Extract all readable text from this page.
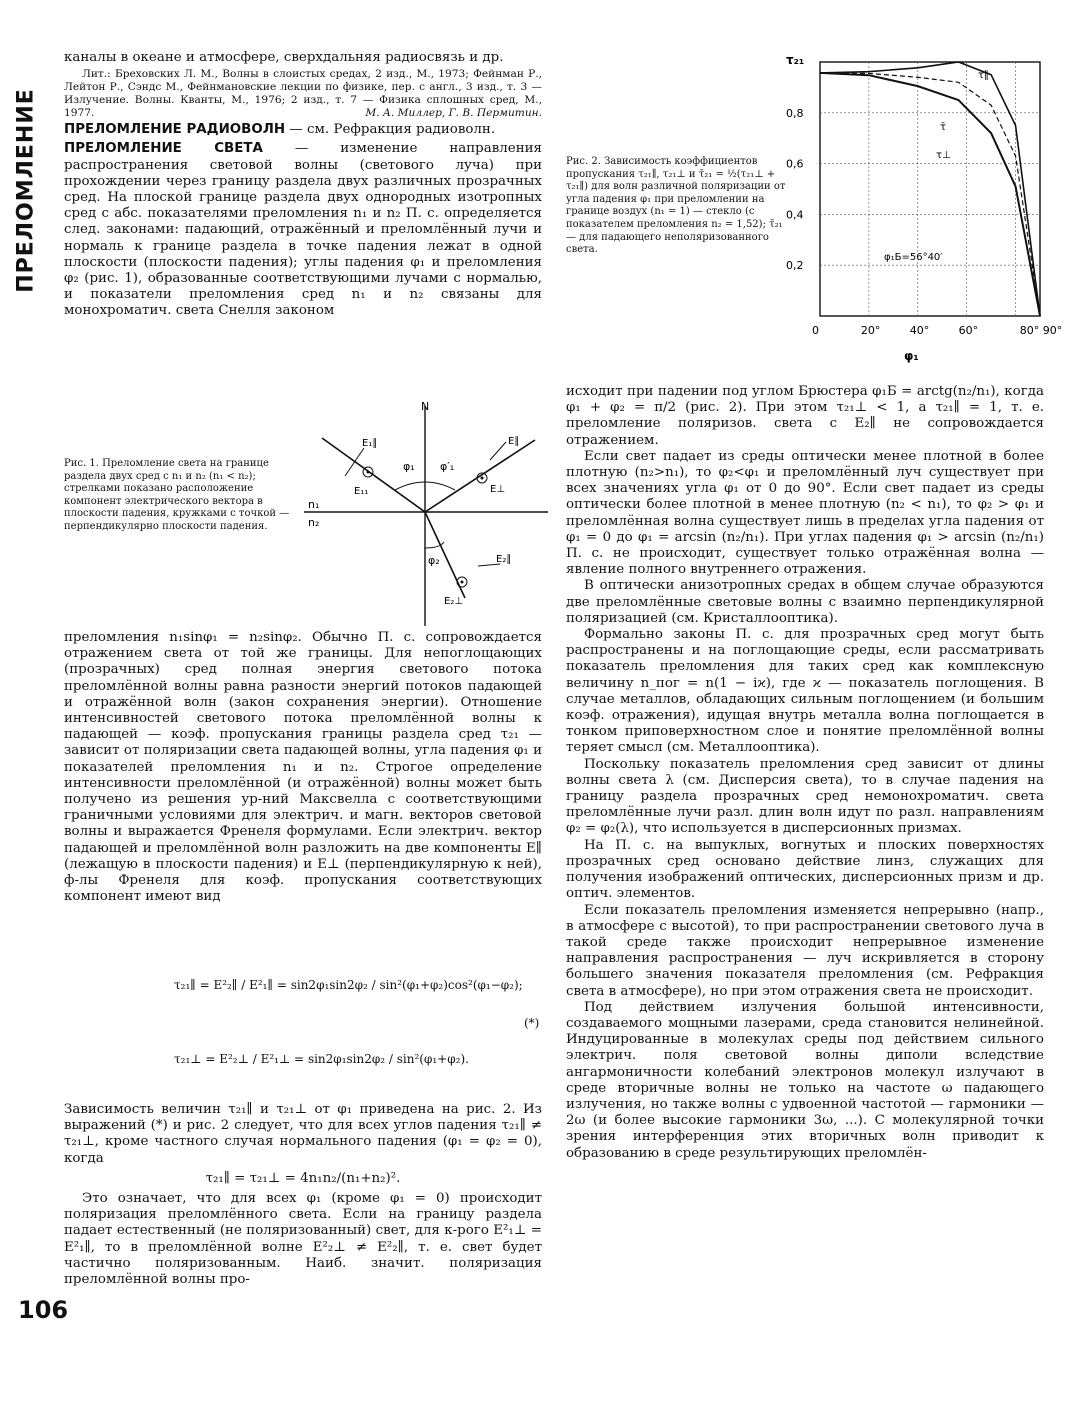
ПРЕЛОМЛЕНИЕ

каналы в океане и атмосфере, сверхдальняя радиосвязь и др.

Лит.: Бреховских Л. М., Волны в слоистых средах, 2 изд., М., 1973; Фейнман Р., Лейтон Р., Сэндс М., Фейнмановские лекции по физике, пер. с англ., 3 изд., т. 3 — Излучение. Волны. Кванты, М., 1976; 2 изд., т. 7 — Физика сплошных сред, М., 1977.	М. А. Миллер, Г. В. Пермитин.

ПРЕЛОМЛЕНИЕ РАДИОВОЛН — см. Рефракция радиоволн.

ПРЕЛОМЛЕНИЕ СВЕТА — изменение направления распространения световой волны (светового луча) при прохождении через границу раздела двух различных прозрачных сред. На плоской границе раздела двух однородных изотропных сред с абс. показателями преломления n₁ и n₂ П. с. определяется след. законами: падающий, отражённый и преломлённый лучи и нормаль к границе раздела в точке падения лежат в одной плоскости (плоскости падения); углы падения φ₁ и преломления φ₂ (рис. 1), образованные соответствующими лучами с нормалью, и показатели преломления сред n₁ и n₂ связаны для монохроматич. света Снелля законом

Рис. 1. Преломление света на границе раздела двух сред с n₁ и n₂ (n₁ < n₂); стрелками показано расположение компонент электрического вектора в плоскости падения, кружками с точкой — перпендикулярно плоскости падения.
N
n₁
n₂
φ₁ φ′₁
φ₂
E₁∥
E₁₁
E∥
E⊥
E₂∥
E₂⊥

преломления n₁sinφ₁ = n₂sinφ₂. Обычно П. с. сопровождается отражением света от той же границы. Для непоглощающих (прозрачных) сред полная энергия светового потока преломлённой волны равна разности энергий потоков падающей и отражённой волн (закон сохранения энергии). Отношение интенсивностей светового потока преломлённой волны к падающей — коэф. пропускания границы раздела сред τ₂₁ — зависит от поляризации света падающей волны, угла падения φ₁ и показателей преломления n₁ и n₂. Строгое определение интенсивности преломлённой (и отражённой) волны может быть получено из решения ур-ний Максвелла с соответствующими граничными условиями для электрич. и магн. векторов световой волны и выражается Френеля формулами. Если электрич. вектор падающей и преломлённой волн разложить на две компоненты E∥ (лежащую в плоскости падения) и E⊥ (перпендикулярную к ней), ф-лы Френеля для коэф. пропускания соответствующих компонент имеют вид

τ₂₁∥ = E²₂∥ / E²₁∥ = sin2φ₁sin2φ₂ / sin²(φ₁+φ₂)cos²(φ₁−φ₂);
(*)
τ₂₁⊥ = E²₂⊥ / E²₁⊥ = sin2φ₁sin2φ₂ / sin²(φ₁+φ₂).

Зависимость величин τ₂₁∥ и τ₂₁⊥ от φ₁ приведена на рис. 2. Из выражений (*) и рис. 2 следует, что для всех углов падения τ₂₁∥ ≠ τ₂₁⊥, кроме частного случая нормального падения (φ₁ = φ₂ = 0), когда

τ₂₁∥ = τ₂₁⊥ = 4n₁n₂/(n₁+n₂)².

Это означает, что для всех φ₁ (кроме φ₁ = 0) происходит поляризация преломлённого света. Если на границу раздела падает естественный (не поляризованный) свет, для к-рого E²₁⊥ = E²₁∥, то в преломлённой волне E²₂⊥ ≠ E²₂∥, т. е. свет будет частично поляризованным. Наиб. значит. поляризация преломлённой волны про-

Рис. 2. Зависимость коэффициентов пропускания τ₂₁∥, τ₂₁⊥ и τ̄₂₁ = ½(τ₂₁⊥ + τ₂₁∥) для волн различной поляризации от угла падения φ₁ при преломлении на границе воздух (n₁ = 1) — стекло (с показателем преломления n₂ = 1,52); τ̄₂₁ — для падающего неполяризованного света.
0,8
0,6
0,4
0,2
0	20°	40°	60°	80° 90°
τ₂₁
φ₁
φ₁Б=56°40′
τ∥
τ̄
τ⊥

исходит при падении под углом Брюстера φ₁Б = arctg(n₂/n₁), когда φ₁ + φ₂ = π/2 (рис. 2). При этом τ₂₁⊥ < 1, а τ₂₁∥ = 1, т. е. преломление поляризов. света с E₂∥ не сопровождается отражением.

Если свет падает из среды оптически менее плотной в более плотную (n₂>n₁), то φ₂<φ₁ и преломлённый луч существует при всех значениях угла φ₁ от 0 до 90°. Если свет падает из среды оптически более плотной в менее плотную (n₂ < n₁), то φ₂ > φ₁ и преломлённая волна существует лишь в пределах угла падения от φ₁ = 0 до φ₁ = arcsin (n₂/n₁). При углах падения φ₁ > arcsin (n₂/n₁) П. с. не происходит, существует только отражённая волна — явление полного внутреннего отражения.

В оптически анизотропных средах в общем случае образуются две преломлённые световые волны с взаимно перпендикулярной поляризацией (см. Кристаллооптика).

Формально законы П. с. для прозрачных сред могут быть распространены и на поглощающие среды, если рассматривать показатель преломления для таких сред как комплексную величину n_пог = n(1 − iϰ), где ϰ — показатель поглощения. В случае металлов, обладающих сильным поглощением (и большим коэф. отражения), идущая внутрь металла волна поглощается в тонком приповерхностном слое и понятие преломлённой волны теряет смысл (см. Металлооптика).

Поскольку показатель преломления сред зависит от длины волны света λ (см. Дисперсия света), то в случае падения на границу раздела прозрачных сред немонохроматич. света преломлённые лучи разл. длин волн идут по разл. направлениям φ₂ = φ₂(λ), что используется в дисперсионных призмах.

На П. с. на выпуклых, вогнутых и плоских поверхностях прозрачных сред основано действие линз, служащих для получения изображений оптических, дисперсионных призм и др. оптич. элементов.

Если показатель преломления изменяется непрерывно (напр., в атмосфере с высотой), то при распространении светового луча в такой среде также происходит непрерывное изменение направления распространения — луч искривляется в сторону большего значения показателя преломления (см. Рефракция света в атмосфере), но при этом отражения света не происходит.

Под действием излучения большой интенсивности, создаваемого мощными лазерами, среда становится нелинейной. Индуцированные в молекулах среды под действием сильного электрич. поля световой волны диполи вследствие ангармоничности колебаний электронов молекул излучают в среде вторичные волны не только на частоте ω падающего излучения, но также волны с удвоенной частотой — гармоники — 2ω (и более высокие гармоники 3ω, ...). С молекулярной точки зрения интерференция этих вторичных волн приводит к образованию в среде результирующих преломлён-

106
